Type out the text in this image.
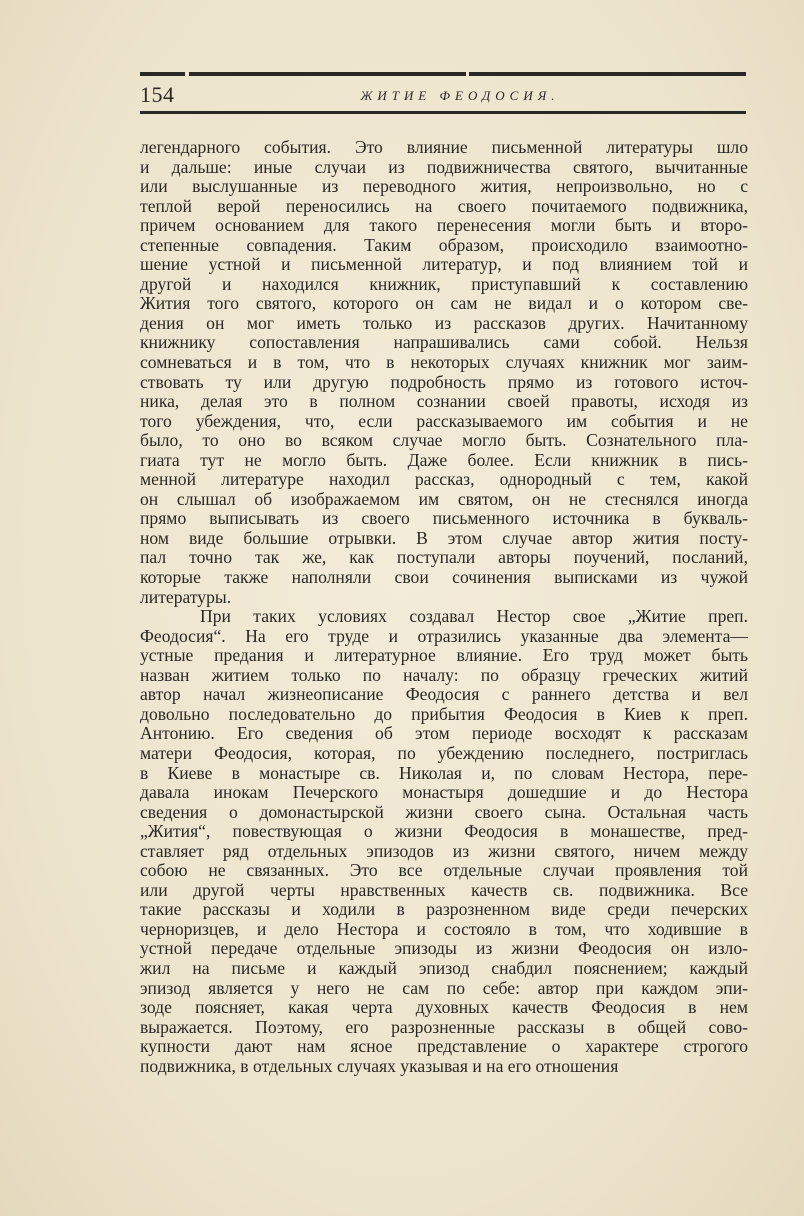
154	ЖИТИЕ ФЕОДОСИЯ.
легендарного события. Это влияние письменной литературы шло
и дальше: иные случаи из подвижничества святого, вычитанные
или выслушанные из переводного жития, непроизвольно, но с
теплой верой переносились на своего почитаемого подвижника,
причем основанием для такого перенесения могли быть и второ-
степенные совпадения. Таким образом, происходило взаимоотно-
шение устной и письменной литератур, и под влиянием той и
другой и находился книжник, приступавший к составлению
Жития того святого, которого он сам не видал и о котором све-
дения он мог иметь только из рассказов других. Начитанному
книжнику сопоставления напрашивались сами собой. Нельзя
сомневаться и в том, что в некоторых случаях книжник мог заим-
ствовать ту или другую подробность прямо из готового источ-
ника, делая это в полном сознании своей правоты, исходя из
того убеждения, что, если рассказываемого им события и не
было, то оно во всяком случае могло быть. Сознательного пла-
гиата тут не могло быть. Даже более. Если книжник в пись-
менной литературе находил рассказ, однородный с тем, какой
он слышал об изображаемом им святом, он не стеснялся иногда
прямо выписывать из своего письменного источника в букваль-
ном виде большие отрывки. В этом случае автор жития посту-
пал точно так же, как поступали авторы поучений, посланий,
которые также наполняли свои сочинения выписками из чужой
литературы.
При таких условиях создавал Нестор свое „Житие преп.
Феодосия“. На его труде и отразились указанные два элемента—
устные предания и литературное влияние. Его труд может быть
назван житием только по началу: по образцу греческих житий
автор начал жизнеописание Феодосия с раннего детства и вел
довольно последовательно до прибытия Феодосия в Киев к преп.
Антонию. Его сведения об этом периоде восходят к рассказам
матери Феодосия, которая, по убеждению последнего, постриглась
в Киеве в монастыре св. Николая и, по словам Нестора, пере-
давала инокам Печерского монастыря дошедшие и до Нестора
сведения о домонастырской жизни своего сына. Остальная часть
„Жития“, повествующая о жизни Феодосия в монашестве, пред-
ставляет ряд отдельных эпизодов из жизни святого, ничем между
собою не связанных. Это все отдельные случаи проявления той
или другой черты нравственных качеств св. подвижника. Все
такие рассказы и ходили в разрозненном виде среди печерских
черноризцев, и дело Нестора и состояло в том, что ходившие в
устной передаче отдельные эпизоды из жизни Феодосия он изло-
жил на письме и каждый эпизод снабдил пояснением; каждый
эпизод является у него не сам по себе: автор при каждом эпи-
зоде поясняет, какая черта духовных качеств Феодосия в нем
выражается. Поэтому, его разрозненные рассказы в общей сово-
купности дают нам ясное представление о характере строгого
подвижника, в отдельных случаях указывая и на его отношения
